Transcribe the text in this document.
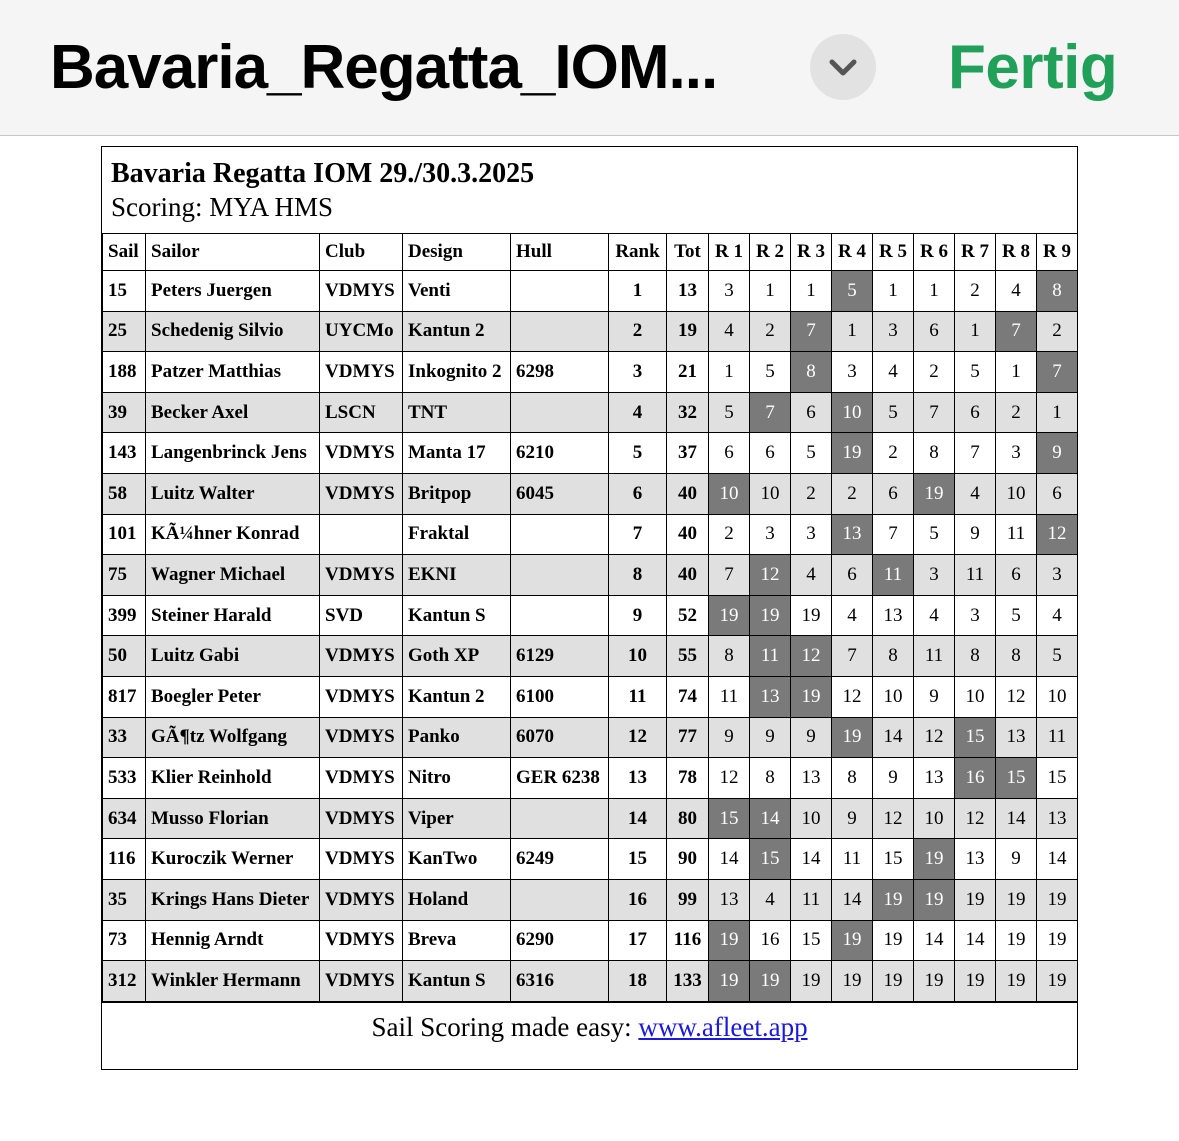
Bavaria_Regatta_IOM...	Fertig
Bavaria Regatta IOM 29./30.3.2025
Scoring: MYA HMS
Sail	Sailor	Club	Design	Hull	Rank	Tot	R 1	R 2	R 3	R 4	R 5	R 6	R 7	R 8	R 9
15	Peters Juergen	VDMYS	Venti		1	13	3	1	1	5	1	1	2	4	8
25	Schedenig Silvio	UYCMo	Kantun 2		2	19	4	2	7	1	3	6	1	7	2
188	Patzer Matthias	VDMYS	Inkognito 2	6298	3	21	1	5	8	3	4	2	5	1	7
39	Becker Axel	LSCN	TNT		4	32	5	7	6	10	5	7	6	2	1
143	Langenbrinck Jens	VDMYS	Manta 17	6210	5	37	6	6	5	19	2	8	7	3	9
58	Luitz Walter	VDMYS	Britpop	6045	6	40	10	10	2	2	6	19	4	10	6
101	KÃ¼hner Konrad		Fraktal		7	40	2	3	3	13	7	5	9	11	12
75	Wagner Michael	VDMYS	EKNI		8	40	7	12	4	6	11	3	11	6	3
399	Steiner Harald	SVD	Kantun S		9	52	19	19	19	4	13	4	3	5	4
50	Luitz Gabi	VDMYS	Goth XP	6129	10	55	8	11	12	7	8	11	8	8	5
817	Boegler Peter	VDMYS	Kantun 2	6100	11	74	11	13	19	12	10	9	10	12	10
33	GÃ¶tz Wolfgang	VDMYS	Panko	6070	12	77	9	9	9	19	14	12	15	13	11
533	Klier Reinhold	VDMYS	Nitro	GER 6238	13	78	12	8	13	8	9	13	16	15	15
634	Musso Florian	VDMYS	Viper		14	80	15	14	10	9	12	10	12	14	13
116	Kuroczik Werner	VDMYS	KanTwo	6249	15	90	14	15	14	11	15	19	13	9	14
35	Krings Hans Dieter	VDMYS	Holand		16	99	13	4	11	14	19	19	19	19	19
73	Hennig Arndt	VDMYS	Breva	6290	17	116	19	16	15	19	19	14	14	19	19
312	Winkler Hermann	VDMYS	Kantun S	6316	18	133	19	19	19	19	19	19	19	19	19
Sail Scoring made easy: www.afleet.app
